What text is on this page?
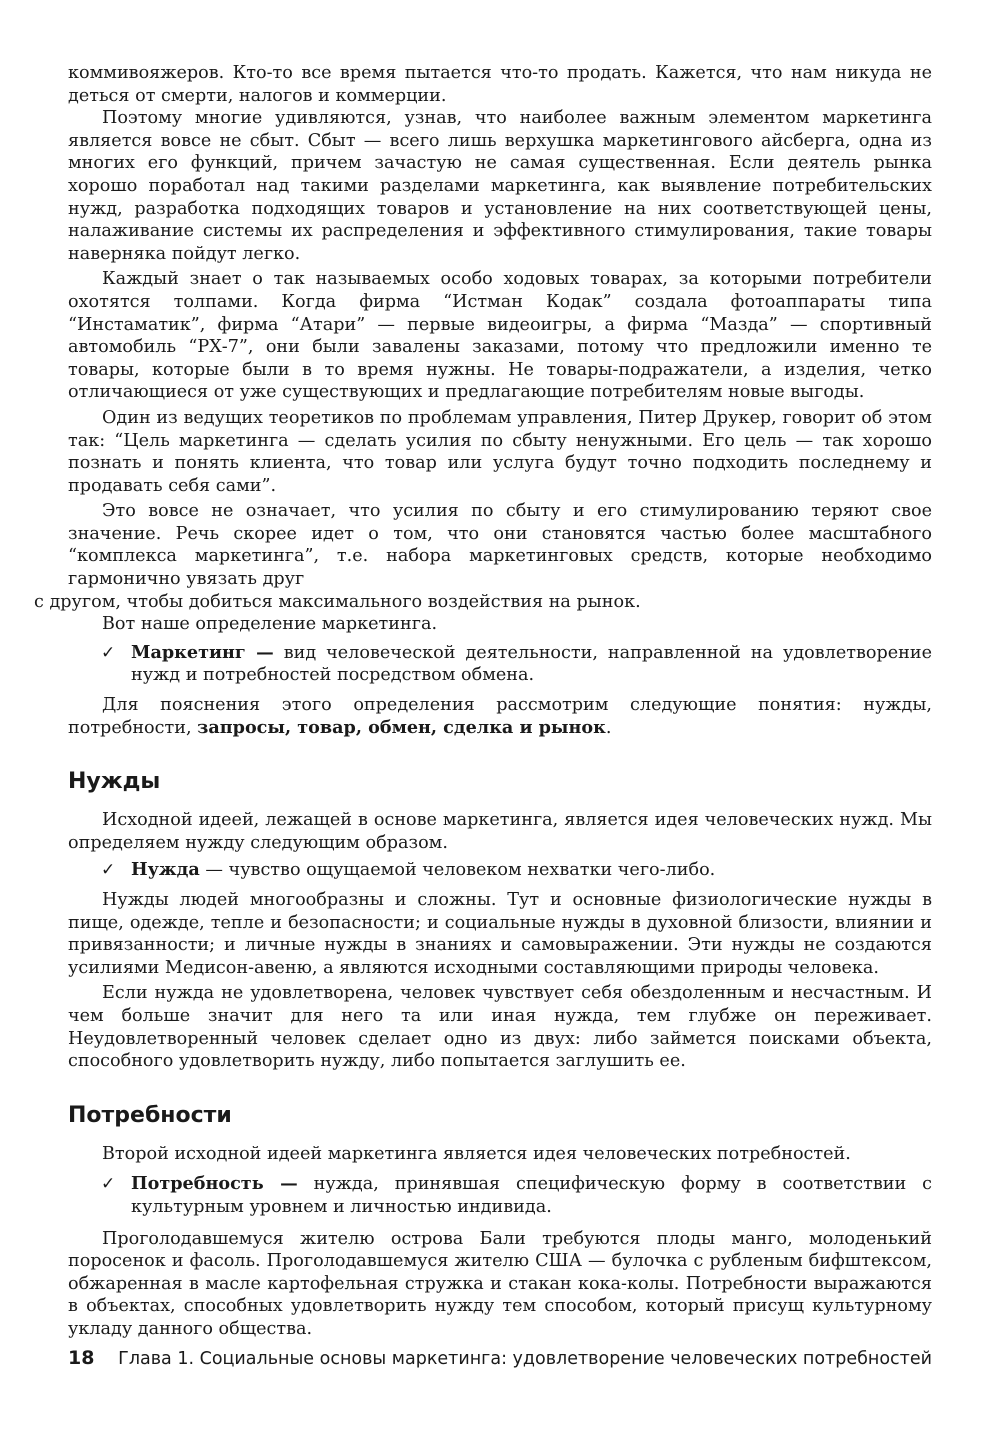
коммивояжеров. Кто-то все время пытается что-то продать. Кажется, что нам никуда не деться от смерти, налогов и коммерции.

Поэтому многие удивляются, узнав, что наиболее важным элементом маркетинга является вовсе не сбыт. Сбыт — всего лишь верхушка маркетингового айсберга, одна из многих его функций, причем зачастую не самая существенная. Если деятель рынка хорошо поработал над такими разделами маркетинга, как выявление потребительских нужд, разработка подходящих товаров и установление на них соответствующей цены, налаживание системы их распределения и эффективного стимулирования, такие товары наверняка пойдут легко.

Каждый знает о так называемых особо ходовых товарах, за которыми потребители охотятся толпами. Когда фирма “Истман Кодак” создала фотоаппараты типа “Инстаматик”, фирма “Атари” — первые видеоигры, а фирма “Мазда” — спортивный автомобиль “РХ-7”, они были завалены заказами, потому что предложили именно те товары, которые были в то время нужны. Не товары-подражатели, а изделия, четко отличающиеся от уже существующих и предлагающие потребителям новые выгоды.

Один из ведущих теоретиков по проблемам управления, Питер Друкер, говорит об этом так: “Цель маркетинга — сделать усилия по сбыту ненужными. Его цель — так хорошо познать и понять клиента, что товар или услуга будут точно подходить последнему и продавать себя сами”.

Это вовсе не означает, что усилия по сбыту и его стимулированию теряют свое значение. Речь скорее идет о том, что они становятся частью более масштабного “комплекса маркетинга”, т.е. набора маркетинговых средств, которые необходимо гармонично увязать друг
с другом, чтобы добиться максимального воздействия на рынок.

Вот наше определение маркетинга.

✓ Маркетинг — вид человеческой деятельности, направленной на удовлетворение нужд и потребностей посредством обмена.

Для пояснения этого определения рассмотрим следующие понятия: нужды, потребности, запросы, товар, обмен, сделка и рынок.

Нужды

Исходной идеей, лежащей в основе маркетинга, является идея человеческих нужд. Мы определяем нужду следующим образом.

✓ Нужда — чувство ощущаемой человеком нехватки чего-либо.

Нужды людей многообразны и сложны. Тут и основные физиологические нужды в пище, одежде, тепле и безопасности; и социальные нужды в духовной близости, влиянии и привязанности; и личные нужды в знаниях и самовыражении. Эти нужды не создаются усилиями Медисон-авеню, а являются исходными составляющими природы человека.

Если нужда не удовлетворена, человек чувствует себя обездоленным и несчастным. И чем больше значит для него та или иная нужда, тем глубже он переживает. Неудовлетворенный человек сделает одно из двух: либо займется поисками объекта, способного удовлетворить нужду, либо попытается заглушить ее.

Потребности

Второй исходной идеей маркетинга является идея человеческих потребностей.

✓ Потребность — нужда, принявшая специфическую форму в соответствии с культурным уровнем и личностью индивида.

Проголодавшемуся жителю острова Бали требуются плоды манго, молоденький поросенок и фасоль. Проголодавшемуся жителю США — булочка с рубленым бифштексом, обжаренная в масле картофельная стружка и стакан кока-колы. Потребности выражаются в объектах, способных удовлетворить нужду тем способом, который присущ культурному укладу данного общества.

18	Глава 1. Социальные основы маркетинга: удовлетворение человеческих потребностей
